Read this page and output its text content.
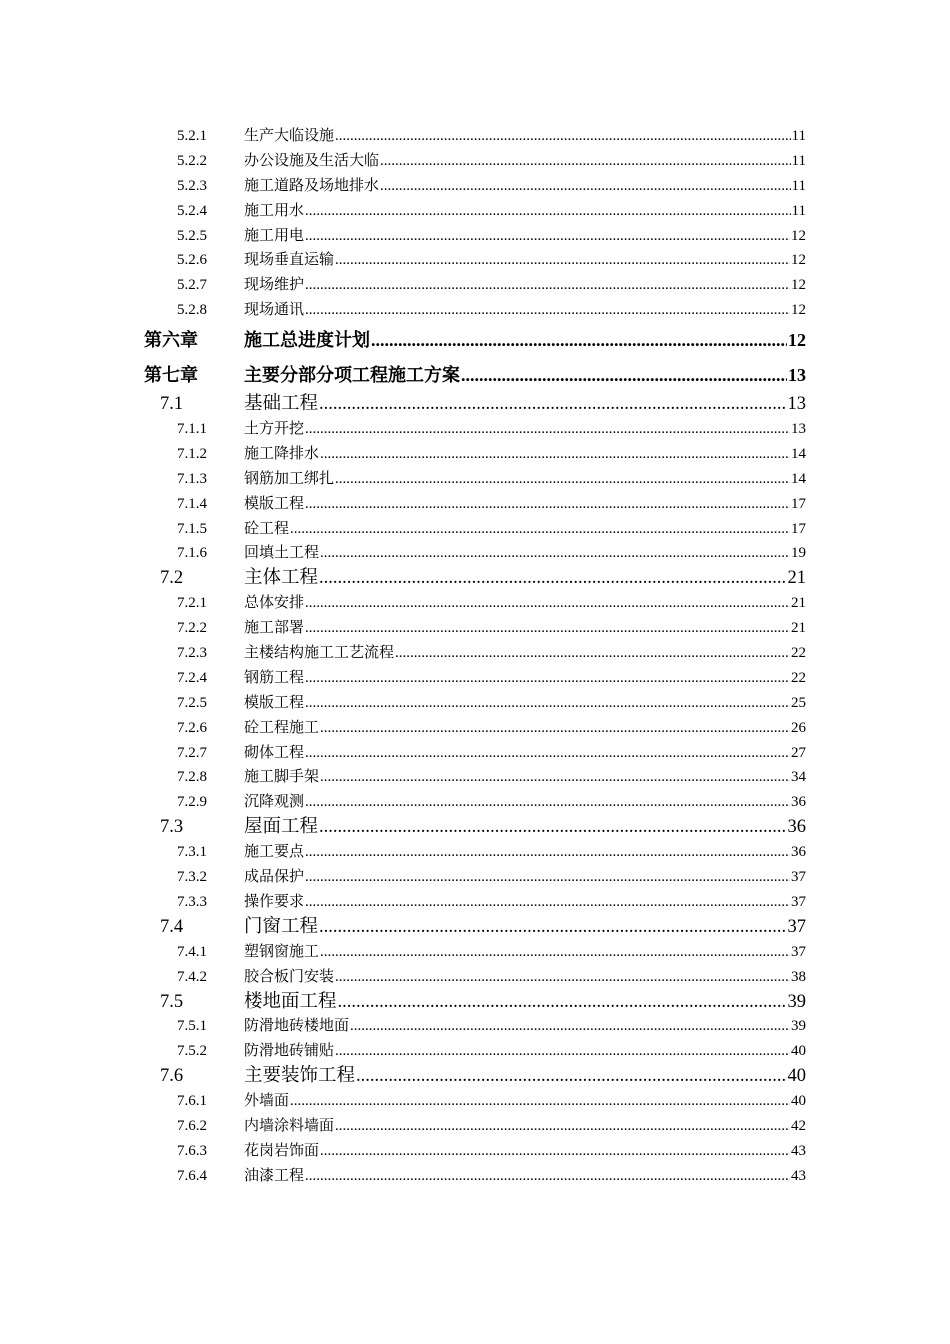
5.2.1 生产大临设施 .....	11
5.2.2 办公设施及生活大临 .....	11
5.2.3 施工道路及场地排水 .....	11
5.2.4 施工用水 .....	11
5.2.5 施工用电 .....	12
5.2.6 现场垂直运输 .....	12
5.2.7 现场维护 .....	12
5.2.8 现场通讯 .....	12
第六章	施工总进度计划 .....	12
第七章	主要分部分项工程施工方案 .....	13
7.1	基础工程 .....	13
7.1.1 土方开挖 .....	13
7.1.2 施工降排水 .....	14
7.1.3 钢筋加工绑扎 .....	14
7.1.4 模版工程 .....	17
7.1.5 砼工程 .....	17
7.1.6 回填土工程 .....	19
7.2	主体工程 .....	21
7.2.1 总体安排 .....	21
7.2.2 施工部署 .....	21
7.2.3 主楼结构施工工艺流程 .....	22
7.2.4 钢筋工程 .....	22
7.2.5 模版工程 .....	25
7.2.6 砼工程施工 .....	26
7.2.7 砌体工程 .....	27
7.2.8 施工脚手架 .....	34
7.2.9 沉降观测 .....	36
7.3	屋面工程 .....	36
7.3.1 施工要点 .....	36
7.3.2 成品保护 .....	37
7.3.3 操作要求 .....	37
7.4	门窗工程 .....	37
7.4.1 塑钢窗施工 .....	37
7.4.2 胶合板门安装 .....	38
7.5	楼地面工程 .....	39
7.5.1 防滑地砖楼地面 .....	39
7.5.2 防滑地砖铺贴 .....	40
7.6	主要装饰工程 .....	40
7.6.1 外墙面 .....	40
7.6.2 内墙涂料墙面 .....	42
7.6.3 花岗岩饰面 .....	43
7.6.4 油漆工程 .....	43
